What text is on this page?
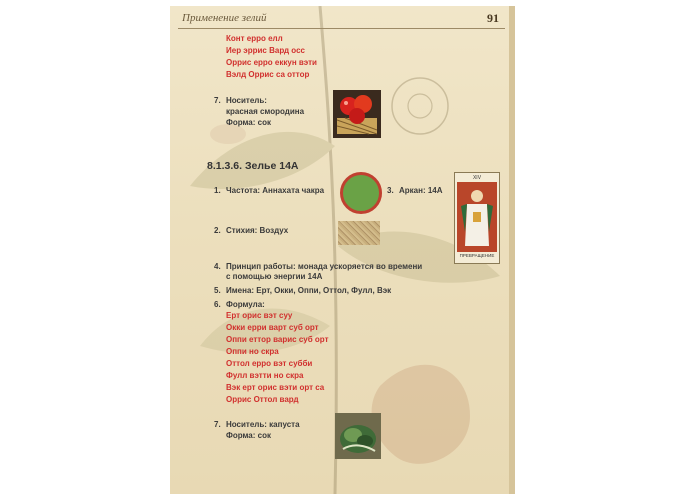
Применение зелий	91
Конт ерро елл
Иер эррис Вард осс
Оррис ерро еккун вэти
Вэлд Оррис са оттор
7. Носитель:
красная смородина
Форма: сок
8.1.3.6. Зелье 14А
1. Частота: Аннахата чакра	3. Аркан: 14А
XIV
ПРЕВРАЩЕНИЕ
2. Стихия: Воздух
4. Принцип работы: монада ускоряется во времени
с помощью энергии 14А
5. Имена: Ерт, Окки, Оппи, Оттол, Фулл, Вэк
6. Формула:
Ерт орис вэт суу
Окки ерри варт суб орт
Оппи еттор варис суб орт
Оппи но скра
Оттол ерро вэт субби
Фулл вэтти но скра
Вэк ерт орис вэти орт са
Оррис Оттол вард
7. Носитель: капуста
Форма: сок
